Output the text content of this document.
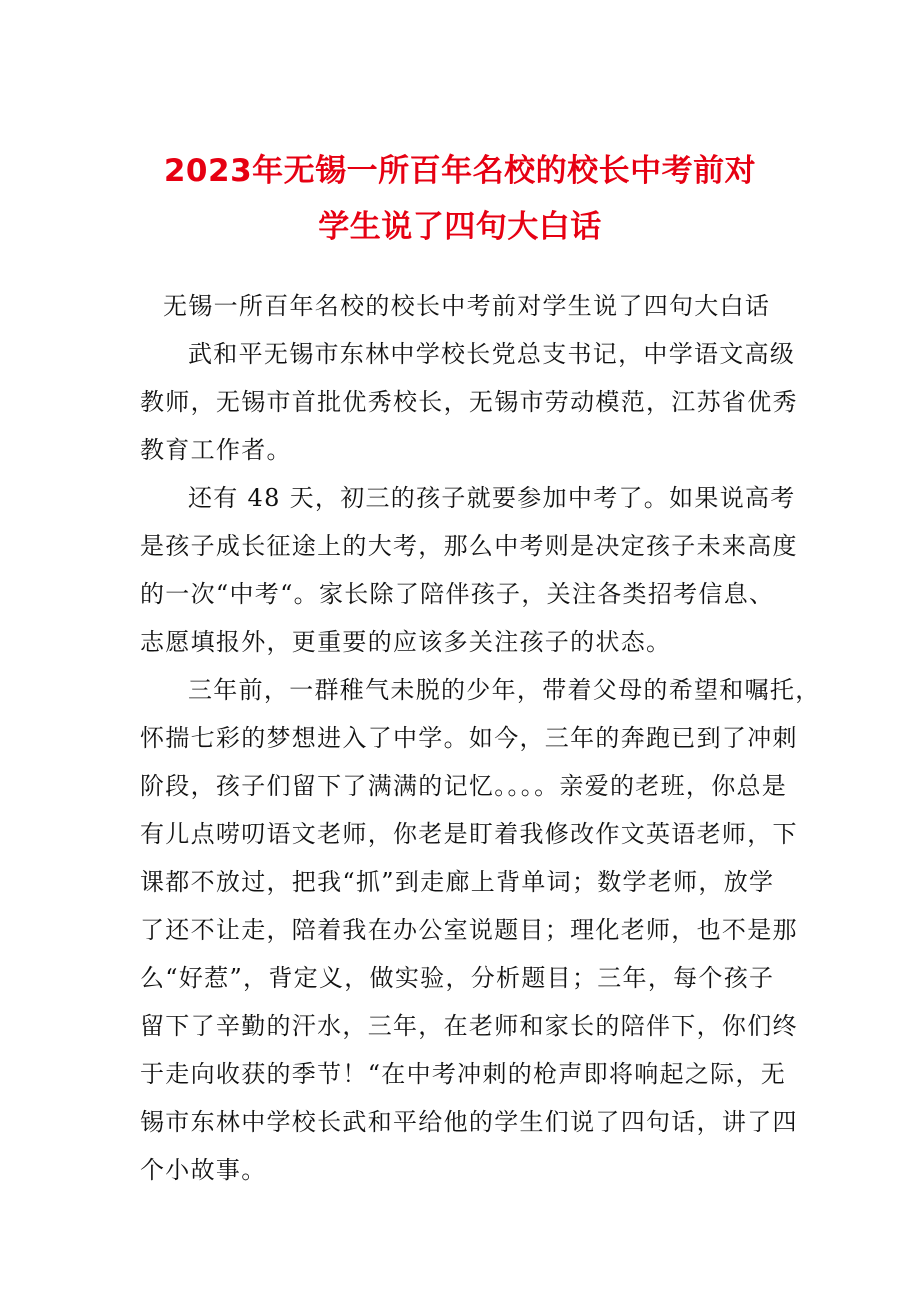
2023年无锡一所百年名校的校长中考前对
学生说了四句大白话
无锡一所百年名校的校长中考前对学生说了四句大白话
武和平无锡市东林中学校长党总支书记，中学语文高级
教师，无锡市首批优秀校长，无锡市劳动模范，江苏省优秀
教育工作者。
还有 48 天，初三的孩子就要参加中考了。如果说高考
是孩子成长征途上的大考，那么中考则是决定孩子未来高度
的一次“中考“。家长除了陪伴孩子，关注各类招考信息、
志愿填报外，更重要的应该多关注孩子的状态。
三年前，一群稚气未脱的少年，带着父母的希望和嘱托，
怀揣七彩的梦想进入了中学。如今，三年的奔跑已到了冲刺
阶段，孩子们留下了满满的记忆。。。。亲爱的老班，你总是
有儿点唠叨语文老师，你老是盯着我修改作文英语老师，下
课都不放过，把我“抓”到走廊上背单词；数学老师，放学
了还不让走，陪着我在办公室说题目；理化老师，也不是那
么“好惹”，背定义，做实验，分析题目；三年，每个孩子
留下了辛勤的汗水，三年，在老师和家长的陪伴下，你们终
于走向收获的季节！“在中考冲刺的枪声即将响起之际，无
锡市东林中学校长武和平给他的学生们说了四句话，讲了四
个小故事。
